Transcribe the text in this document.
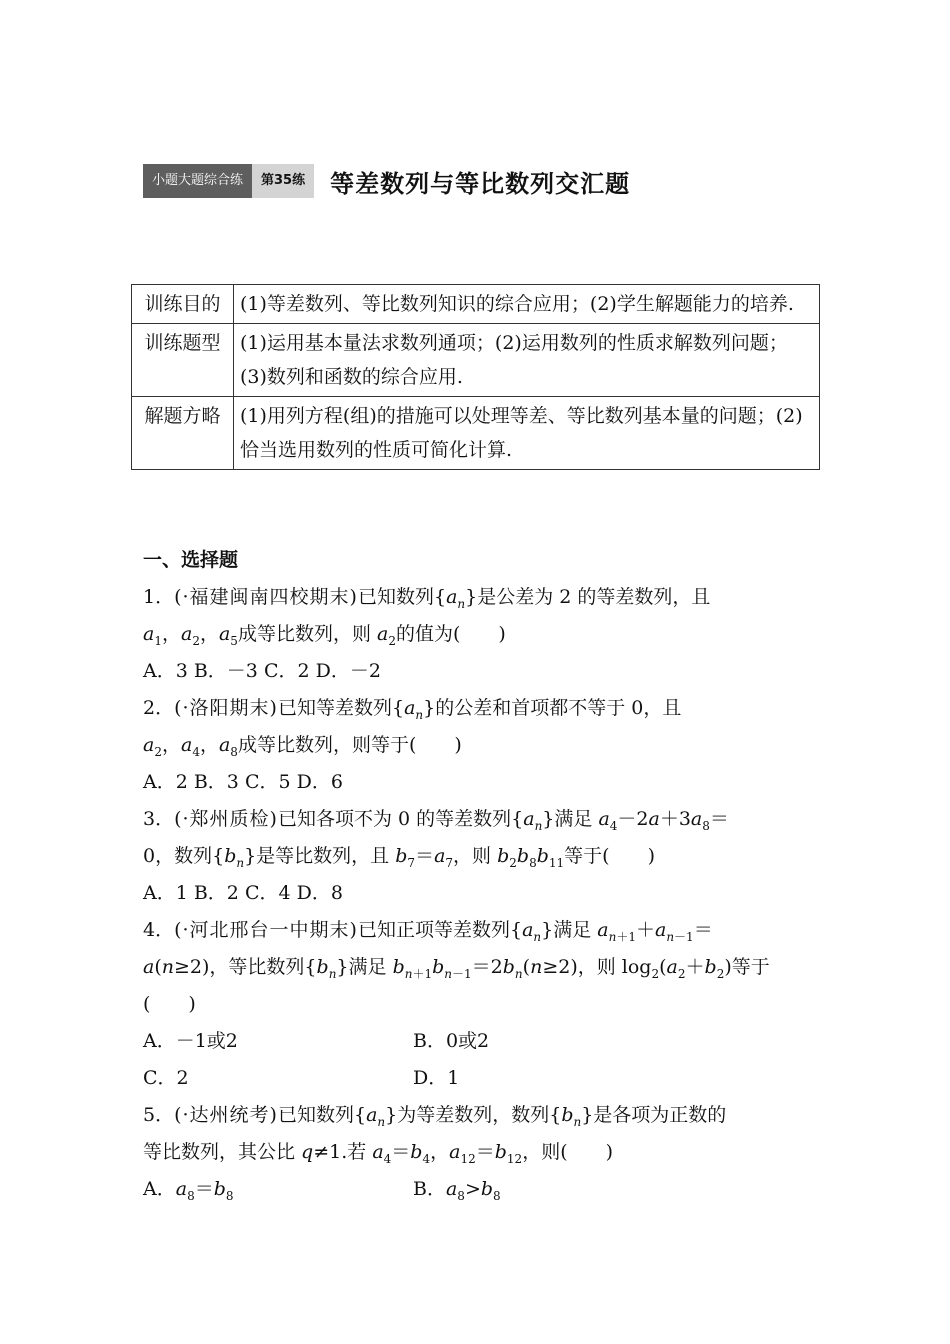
小题大题综合练	第35练	等差数列与等比数列交汇题
训练目的	(1)等差数列、等比数列知识的综合应用；(2)学生解题能力的培养.
训练题型	(1)运用基本量法求数列通项；(2)运用数列的性质求解数列问题；(3)数列和函数的综合应用.
解题方略	(1)用列方程(组)的措施可以处理等差、等比数列基本量的问题；(2)恰当选用数列的性质可简化计算.
一、选择题
1．(·福建闽南四校期末)已知数列$\{a_n\}$是公差为 2 的等差数列，且
$a_1$，$a_2$，$a_5$成等比数列，则 $a_2$的值为(　　)
A．3 B．－3 C．2 D．－2
2．(·洛阳期末)已知等差数列$\{a_n\}$的公差和首项都不等于 0，且
$a_2$，$a_4$，$a_8$成等比数列，则等于(　　)
A．2 B．3 C．5 D．6
3．(·郑州质检)已知各项不为 0 的等差数列$\{a_n\}$满足 $a_4-2a+3a_8=$
0，数列$\{b_n\}$是等比数列，且 $b_7=a_7$，则 $b_2b_8b_{11}$等于(　　)
A．1 B．2 C．4 D．8
4．(·河北邢台一中期末)已知正项等差数列$\{a_n\}$满足 $a_{n+1}+a_{n-1}=$
a(n≥2)，等比数列$\{b_n\}$满足 $b_{n+1}b_{n-1}=2b_n(n\ge 2)$，则 $\log_2(a_2+b_2)$等于
(　　)
A．－1或2	B．0或2
C．2	D．1
5．(·达州统考)已知数列$\{a_n\}$为等差数列，数列$\{b_n\}$是各项为正数的
等比数列，其公比 q≠1.若 $a_4=b_4$，$a_{12}=b_{12}$，则(　　)
A．$a_8=b_8$	B．$a_8>b_8$
